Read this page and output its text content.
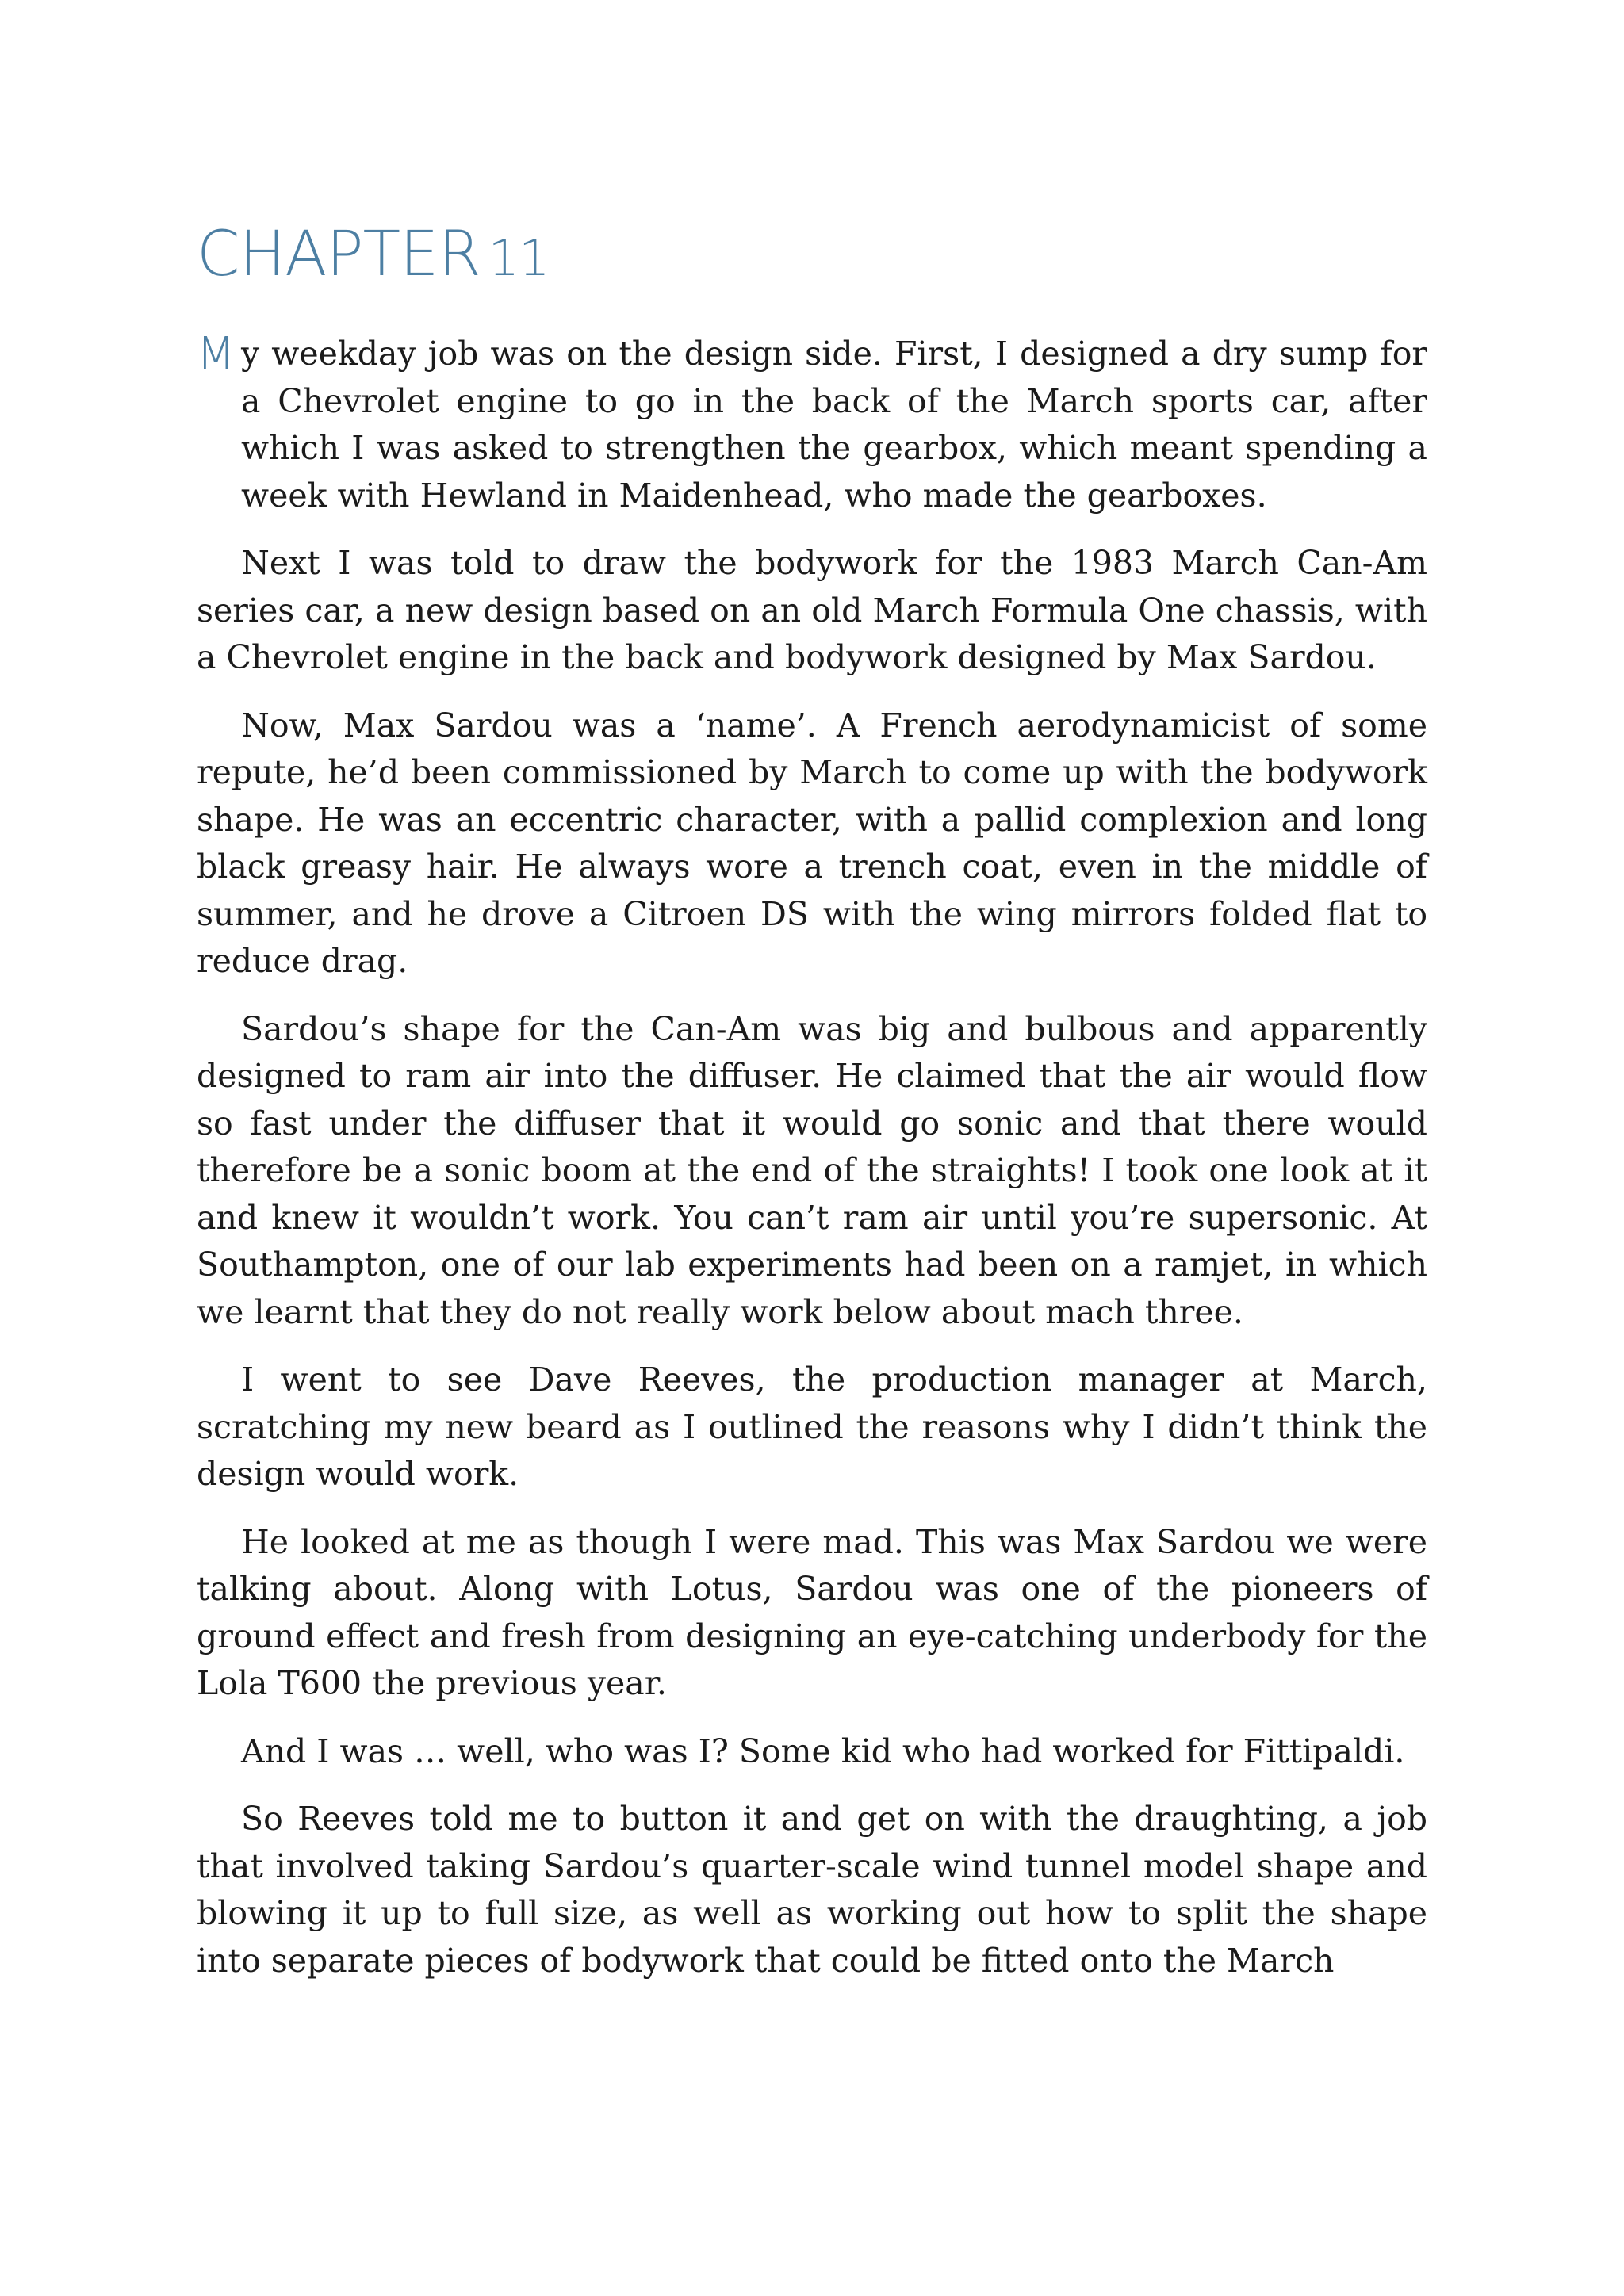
CHAPTER 11

M y weekday job was on the design side. First, I designed a dry sump for a Chevrolet engine to go in the back of the March sports car, after which I was asked to strengthen the gearbox, which meant spending a week with Hewland in Maidenhead, who made the gearboxes.

Next I was told to draw the bodywork for the 1983 March Can-Am series car, a new design based on an old March Formula One chassis, with a Chevrolet engine in the back and bodywork designed by Max Sardou.

Now, Max Sardou was a ‘name’. A French aerodynamicist of some repute, he’d been commissioned by March to come up with the bodywork shape. He was an eccentric character, with a pallid complexion and long black greasy hair. He always wore a trench coat, even in the middle of summer, and he drove a Citroen DS with the wing mirrors folded flat to reduce drag.

Sardou’s shape for the Can-Am was big and bulbous and apparently designed to ram air into the diffuser. He claimed that the air would flow so fast under the diffuser that it would go sonic and that there would therefore be a sonic boom at the end of the straights! I took one look at it and knew it wouldn’t work. You can’t ram air until you’re supersonic. At Southampton, one of our lab experiments had been on a ramjet, in which we learnt that they do not really work below about mach three.

I went to see Dave Reeves, the production manager at March, scratching my new beard as I outlined the reasons why I didn’t think the design would work.

He looked at me as though I were mad. This was Max Sardou we were talking about. Along with Lotus, Sardou was one of the pioneers of ground effect and fresh from designing an eye-catching underbody for the Lola T600 the previous year.

And I was … well, who was I? Some kid who had worked for Fittipaldi.

So Reeves told me to button it and get on with the draughting, a job that involved taking Sardou’s quarter-scale wind tunnel model shape and blowing it up to full size, as well as working out how to split the shape into separate pieces of bodywork that could be fitted onto the March
